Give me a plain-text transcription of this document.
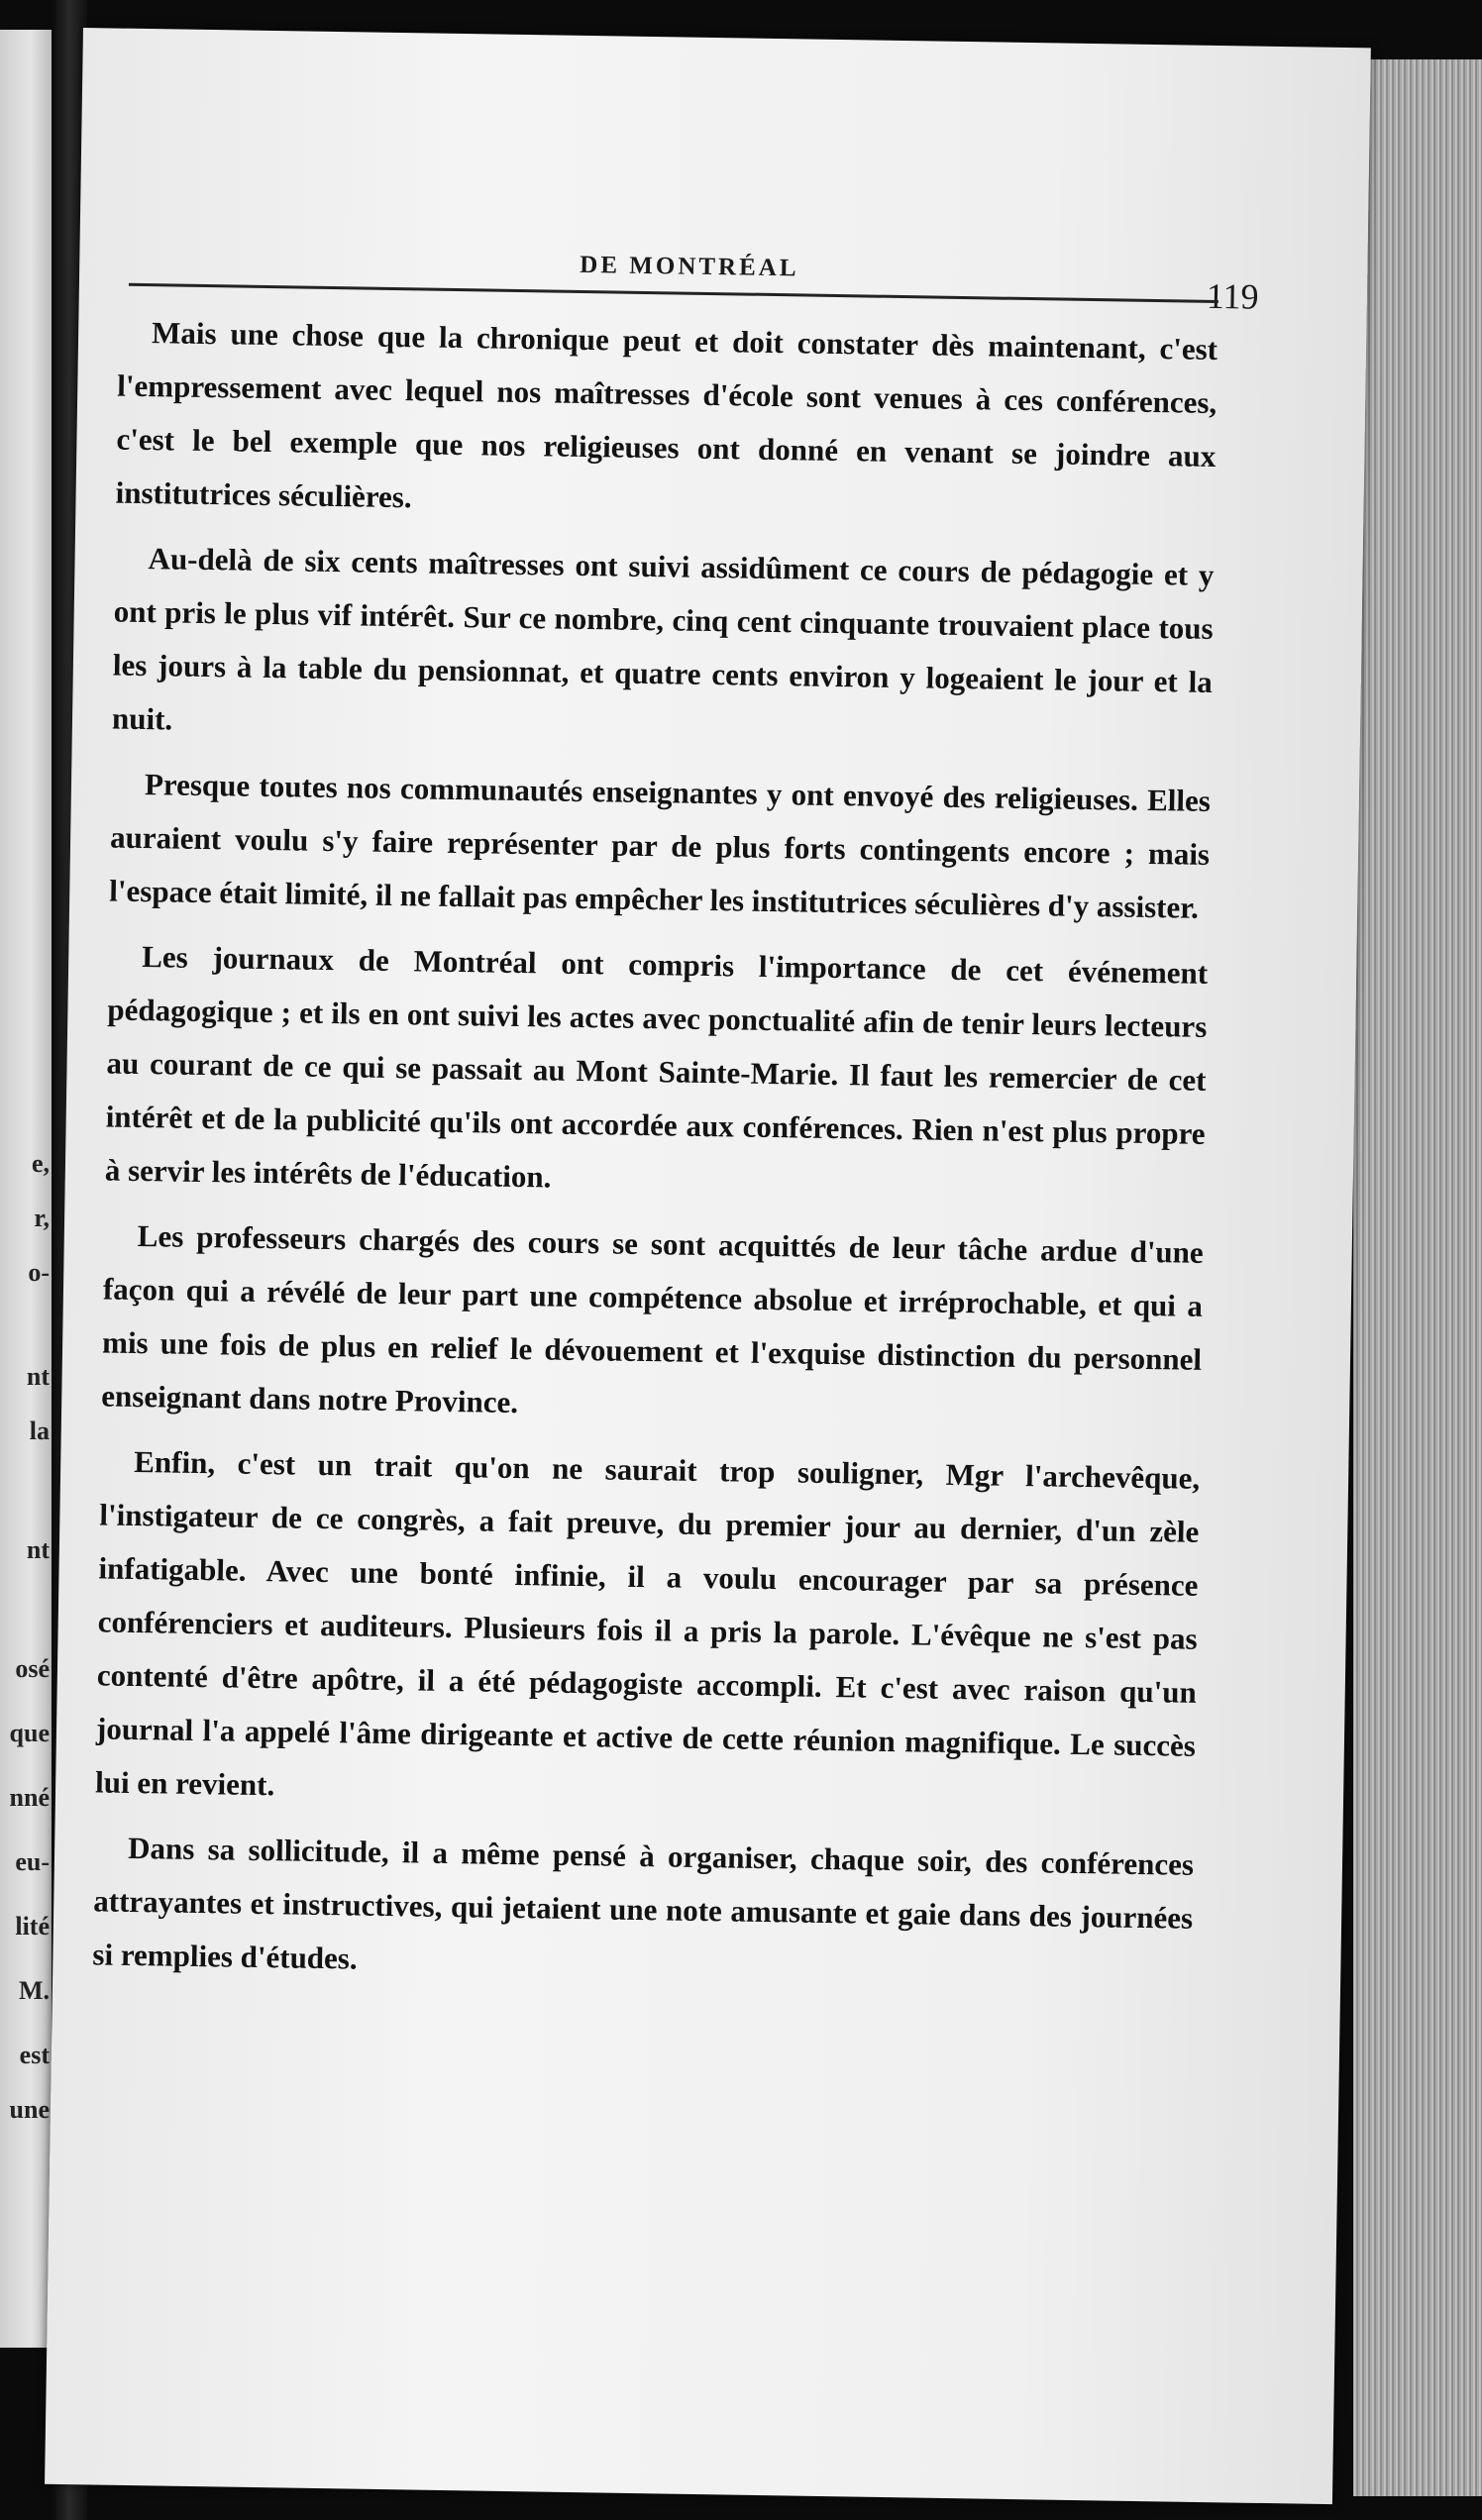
e,
r,
o-
nt
la
nt
osé
que
nné
eu-
lité
M.
est
une
DE MONTRÉAL
119

Mais une chose que la chronique peut et doit constater dès maintenant, c'est l'empressement avec lequel nos maîtresses d'école sont venues à ces conférences, c'est le bel exemple que nos religieuses ont donné en venant se joindre aux institutrices séculières.

Au-delà de six cents maîtresses ont suivi assidûment ce cours de pédagogie et y ont pris le plus vif intérêt. Sur ce nombre, cinq cent cinquante trouvaient place tous les jours à la table du pensionnat, et quatre cents environ y logeaient le jour et la nuit.

Presque toutes nos communautés enseignantes y ont envoyé des religieuses. Elles auraient voulu s'y faire représenter par de plus forts contingents encore ; mais l'espace était limité, il ne fallait pas empêcher les institutrices séculières d'y assister.

Les journaux de Montréal ont compris l'importance de cet événement pédagogique ; et ils en ont suivi les actes avec ponctualité afin de tenir leurs lecteurs au courant de ce qui se passait au Mont Sainte-Marie. Il faut les remercier de cet intérêt et de la publicité qu'ils ont accordée aux conférences. Rien n'est plus propre à servir les intérêts de l'éducation.

Les professeurs chargés des cours se sont acquittés de leur tâche ardue d'une façon qui a révélé de leur part une compétence absolue et irréprochable, et qui a mis une fois de plus en relief le dévouement et l'exquise distinction du personnel enseignant dans notre Province.

Enfin, c'est un trait qu'on ne saurait trop souligner, Mgr l'archevêque, l'instigateur de ce congrès, a fait preuve, du premier jour au dernier, d'un zèle infatigable. Avec une bonté infinie, il a voulu encourager par sa présence conférenciers et auditeurs. Plusieurs fois il a pris la parole. L'évêque ne s'est pas contenté d'être apôtre, il a été pédagogiste accompli. Et c'est avec raison qu'un journal l'a appelé l'âme dirigeante et active de cette réunion magnifique. Le succès lui en revient.

Dans sa sollicitude, il a même pensé à organiser, chaque soir, des conférences attrayantes et instructives, qui jetaient une note amusante et gaie dans des journées si remplies d'études.
